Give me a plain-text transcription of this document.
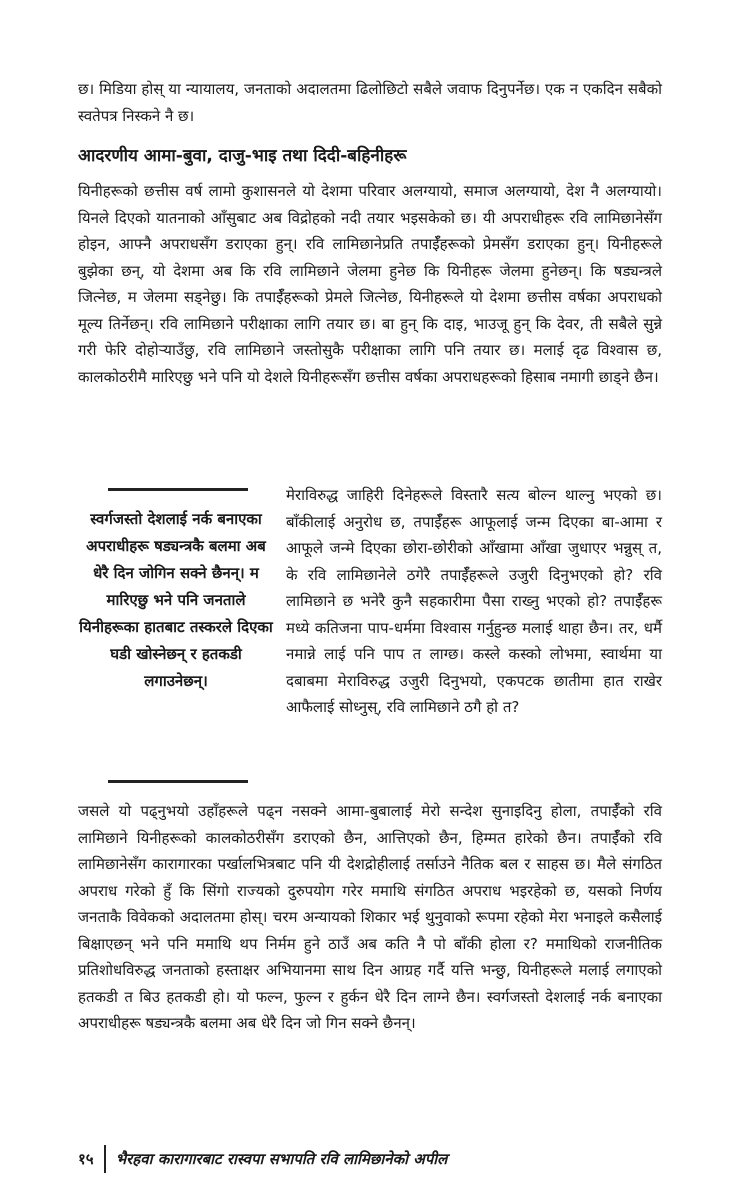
छ। मिडिया होस् या न्यायालय, जनताको अदालतमा ढिलोछिटो सबैले जवाफ दिनुपर्नेछ। एक न एकदिन सबैको स्वतेपत्र निस्कने नै छ।

आदरणीय आमा-बुवा, दाजु-भाइ तथा दिदी-बहिनीहरू

यिनीहरूको छत्तीस वर्ष लामो कुशासनले यो देशमा परिवार अलग्यायो, समाज अलग्यायो, देश नै अलग्यायो। यिनले दिएको यातनाको आँसुबाट अब विद्रोहको नदी तयार भइसकेको छ। यी अपराधीहरू रवि लामिछानेसँग होइन, आफ्नै अपराधसँग डराएका हुन्। रवि लामिछानेप्रति तपाईँहरूको प्रेमसँग डराएका हुन्। यिनीहरूले बुझेका छन्, यो देशमा अब कि रवि लामिछाने जेलमा हुनेछ कि यिनीहरू जेलमा हुनेछन्। कि षड्यन्त्रले जित्नेछ, म जेलमा सड्नेछु। कि तपाईँहरूको प्रेमले जित्नेछ, यिनीहरूले यो देशमा छत्तीस वर्षका अपराधको मूल्य तिर्नेछन्। रवि लामिछाने परीक्षाका लागि तयार छ। बा हुन् कि दाइ, भाउजू हुन् कि देवर, ती सबैले सुन्ने गरी फेरि दोहोऱ्याउँछु, रवि लामिछाने जस्तोसुकै परीक्षाका लागि पनि तयार छ। मलाई दृढ विश्वास छ, कालकोठरीमै मारिएछु भने पनि यो देशले यिनीहरूसँग छत्तीस वर्षका अपराधहरूको हिसाब नमागी छाड्ने छैन।

स्वर्गजस्तो देशलाई नर्क बनाएका अपराधीहरू षड्यन्त्रकै बलमा अब धेरै दिन जोगिन सक्ने छैनन्। म मारिएछु भने पनि जनताले यिनीहरूका हातबाट तस्करले दिएका घडी खोस्नेछन् र हतकडी लगाउनेछन्।

मेराविरुद्ध जाहिरी दिनेहरूले विस्तारै सत्य बोल्न थाल्नु भएको छ। बाँकीलाई अनुरोध छ, तपाईँहरू आफूलाई जन्म दिएका बा-आमा र आफूले जन्मे दिएका छोरा-छोरीको आँखामा आँखा जुधाएर भन्नुस् त, के रवि लामिछानेले ठगेरै तपाईँहरूले उजुरी दिनुभएको हो? रवि लामिछाने छ भनेरै कुनै सहकारीमा पैसा राख्नु भएको हो? तपाईँहरू मध्ये कतिजना पाप-धर्ममा विश्वास गर्नुहुन्छ मलाई थाहा छैन। तर, धर्मै नमान्ने लाई पनि पाप त लाग्छ। कस्ले कस्को लोभमा, स्वार्थमा या दबाबमा मेराविरुद्ध उजुरी दिनुभयो, एकपटक छातीमा हात राखेर आफैलाई सोध्नुस्, रवि लामिछाने ठगै हो त?

जसले यो पढ्नुभयो उहाँहरूले पढ्न नसक्ने आमा-बुबालाई मेरो सन्देश सुनाइदिनु होला, तपाईँको रवि लामिछाने यिनीहरूको कालकोठरीसँग डराएको छैन, आत्तिएको छैन, हिम्मत हारेको छैन। तपाईँको रवि लामिछानेसँग कारागारका पर्खालभित्रबाट पनि यी देशद्रोहीलाई तर्साउने नैतिक बल र साहस छ। मैले संगठित अपराध गरेको हुँ कि सिंगो राज्यको दुरुपयोग गरेर ममाथि संगठित अपराध भइरहेको छ, यसको निर्णय जनताकै विवेकको अदालतमा होस्। चरम अन्यायको शिकार भई थुनुवाको रूपमा रहेको मेरा भनाइले कसैलाई बिक्षाएछन् भने पनि ममाथि थप निर्मम हुने ठाउँ अब कति नै पो बाँकी होला र? ममाथिको राजनीतिक प्रतिशोधविरुद्ध जनताको हस्ताक्षर अभियानमा साथ दिन आग्रह गर्दै यत्ति भन्छु, यिनीहरूले मलाई लगाएको हतकडी त बिउ हतकडी हो। यो फल्न, फुल्न र हुर्कन धेरै दिन लाग्ने छैन। स्वर्गजस्तो देशलाई नर्क बनाएका अपराधीहरू षड्यन्त्रकै बलमा अब धेरै दिन जो गिन सक्ने छैनन्।

१५ भैरहवा कारागारबाट रास्वपा सभापति रवि लामिछानेको अपील
